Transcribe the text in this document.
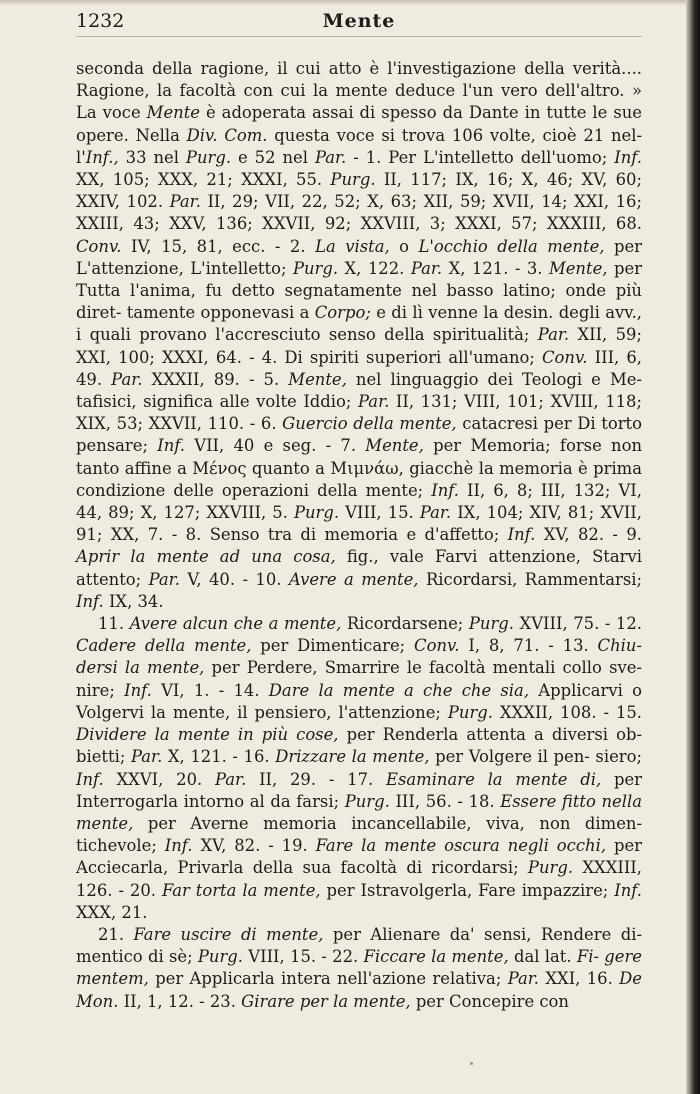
1232	Mente

seconda della ragione, il cui atto è l'investigazione della verità.... Ragione, la facoltà con cui la mente deduce l'un vero dell'altro. » La voce Mente è adoperata assai di spesso da Dante in tutte le sue opere. Nella Div. Com. questa voce si trova 106 volte, cioè 21 nel- l'Inf., 33 nel Purg. e 52 nel Par. - 1. Per L'intelletto dell'uomo; Inf. XX, 105; XXX, 21; XXXI, 55. Purg. II, 117; IX, 16; X, 46; XV, 60; XXIV, 102. Par. II, 29; VII, 22, 52; X, 63; XII, 59; XVII, 14; XXI, 16; XXIII, 43; XXV, 136; XXVII, 92; XXVIII, 3; XXXI, 57; XXXIII, 68. Conv. IV, 15, 81, ecc. - 2. La vista, o L'occhio della mente, per L'attenzione, L'intelletto; Purg. X, 122. Par. X, 121. - 3. Mente, per Tutta l'anima, fu detto segnatamente nel basso latino; onde più diret- tamente opponevasi a Corpo; e di lì venne la desin. degli avv., i quali provano l'accresciuto senso della spiritualità; Par. XII, 59; XXI, 100; XXXI, 64. - 4. Di spiriti superiori all'umano; Conv. III, 6, 49. Par. XXXII, 89. - 5. Mente, nel linguaggio dei Teologi e Me- tafisici, significa alle volte Iddio; Par. II, 131; VIII, 101; XVIII, 118; XIX, 53; XXVII, 110. - 6. Guercio della mente, catacresi per Di torto pensare; Inf. VII, 40 e seg. - 7. Mente, per Memoria; forse non tanto affine a Μένος quanto a Μιμνάω, giacchè la memoria è prima condizione delle operazioni della mente; Inf. II, 6, 8; III, 132; VI, 44, 89; X, 127; XXVIII, 5. Purg. VIII, 15. Par. IX, 104; XIV, 81; XVII, 91; XX, 7. - 8. Senso tra di memoria e d'affetto; Inf. XV, 82. - 9. Aprir la mente ad una cosa, fig., vale Farvi attenzione, Starvi attento; Par. V, 40. - 10. Avere a mente, Ricordarsi, Rammentarsi; Inf. IX, 34.

11. Avere alcun che a mente, Ricordarsene; Purg. XVIII, 75. - 12. Cadere della mente, per Dimenticare; Conv. I, 8, 71. - 13. Chiu- dersi la mente, per Perdere, Smarrire le facoltà mentali collo sve- nire; Inf. VI, 1. - 14. Dare la mente a che che sia, Applicarvi o Volgervi la mente, il pensiero, l'attenzione; Purg. XXXII, 108. - 15. Dividere la mente in più cose, per Renderla attenta a diversi ob- bietti; Par. X, 121. - 16. Drizzare la mente, per Volgere il pen- siero; Inf. XXVI, 20. Par. II, 29. - 17. Esaminare la mente di, per Interrogarla intorno al da farsi; Purg. III, 56. - 18. Essere fitto nella mente, per Averne memoria incancellabile, viva, non dimen- tichevole; Inf. XV, 82. - 19. Fare la mente oscura negli occhi, per Acciecarla, Privarla della sua facoltà di ricordarsi; Purg. XXXIII, 126. - 20. Far torta la mente, per Istravolgerla, Fare impazzire; Inf. XXX, 21.

21. Fare uscire di mente, per Alienare da' sensi, Rendere di- mentico di sè; Purg. VIII, 15. - 22. Ficcare la mente, dal lat. Fi- gere mentem, per Applicarla intera nell'azione relativa; Par. XXI, 16. De Mon. II, 1, 12. - 23. Girare per la mente, per Concepire con
